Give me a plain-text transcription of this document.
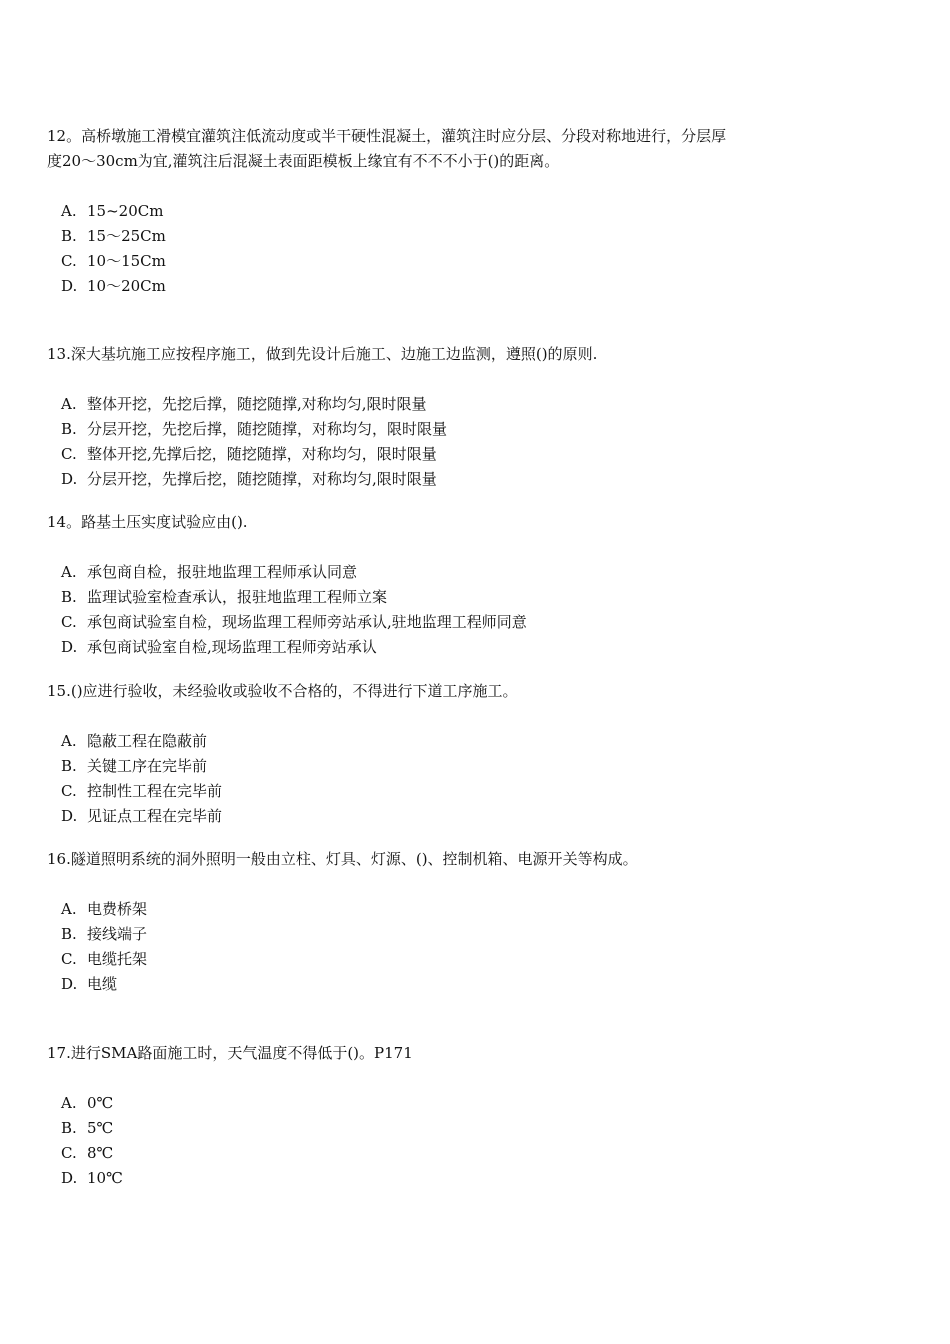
12。高桥墩施工滑模宜灌筑注低流动度或半干硬性混凝土，灌筑注时应分层、分段对称地进行，分层厚度20～30cm为宜,灌筑注后混凝土表面距模板上缘宜有不不不小于()的距离。

A. 15~20Cm
B. 15～25Cm
C. 10～15Cm
D. 10～20Cm

13.深大基坑施工应按程序施工，做到先设计后施工、边施工边监测，遵照()的原则.

A. 整体开挖，先挖后撑，随挖随撑,对称均匀,限时限量
B. 分层开挖，先挖后撑，随挖随撑，对称均匀，限时限量
C. 整体开挖,先撑后挖，随挖随撑，对称均匀，限时限量
D. 分层开挖，先撑后挖，随挖随撑，对称均匀,限时限量

14。路基土压实度试验应由().

A. 承包商自检，报驻地监理工程师承认同意
B. 监理试验室检查承认，报驻地监理工程师立案
C. 承包商试验室自检，现场监理工程师旁站承认,驻地监理工程师同意
D. 承包商试验室自检,现场监理工程师旁站承认

15.()应进行验收，未经验收或验收不合格的，不得进行下道工序施工。

A. 隐蔽工程在隐蔽前
B. 关键工序在完毕前
C. 控制性工程在完毕前
D. 见证点工程在完毕前

16.隧道照明系统的洞外照明一般由立柱、灯具、灯源、()、控制机箱、电源开关等构成。

A. 电费桥架
B. 接线端子
C. 电缆托架
D. 电缆

17.进行SMA路面施工时，天气温度不得低于()。P171

A. 0℃
B. 5℃
C. 8℃
D. 10℃
